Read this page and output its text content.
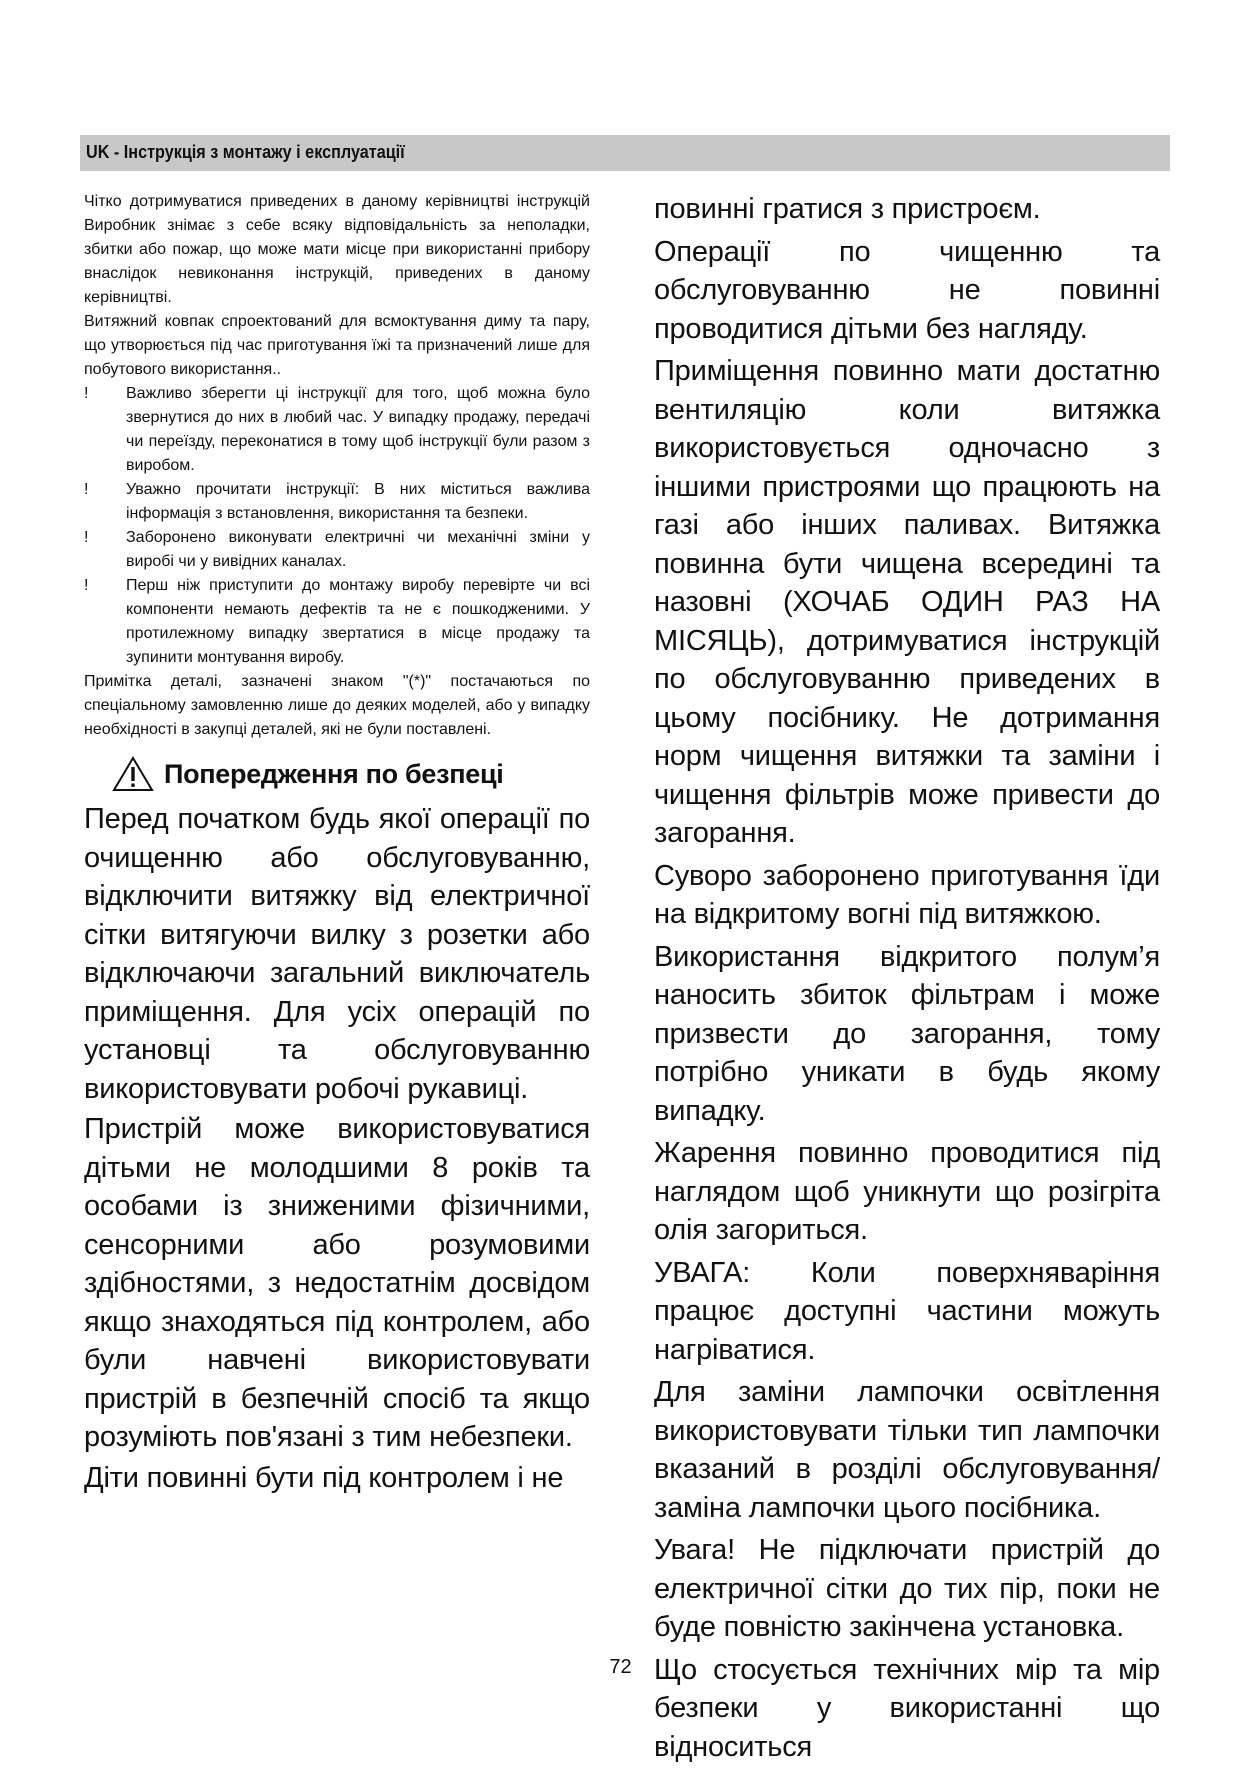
UK - Інструкція з монтажу і експлуатації

Чітко дотримуватися приведених в даному керівництві інструкцій Виробник знімає з себе всяку відповідальність за неполадки, збитки або пожар, що може мати місце при використанні прибору внаслідок невиконання інструкцій, приведених в даному керівництві.

Витяжний ковпак спроектований для всмоктування диму та пару, що утворюється під час приготування їжі та призначений лише для побутового використання..

! Важливо зберегти ці інструкції для того, щоб можна було звернутися до них в любий час. У випадку продажу, передачі чи переїзду, переконатися в тому щоб інструкції були разом з виробом.
! Уважно прочитати інструкції: В них міститься важлива інформація з встановлення, використання та безпеки.
! Заборонено виконувати електричні чи механічні зміни у виробі чи у вивідних каналах.
! Перш ніж приступити до монтажу виробу перевірте чи всі компоненти немають дефектів та не є пошкодженими. У протилежному випадку звертатися в місце продажу та зупинити монтування виробу.

Примітка деталі, зазначені знаком "(*)" постачаються по спеціальному замовленню лише до деяких моделей, або у випадку необхідності в закупці деталей, які не були поставлені.

Попередження по безпеці

Перед початком будь якої операції по очищенню або обслуговуванню, відключити витяжку від електричної сітки витягуючи вилку з розетки або відключаючи загальний виключатель приміщення. Для усіх операцій по установці та обслуговуванню використовувати робочі рукавиці.

Пристрій може використовуватися дітьми не молодшими 8 років та особами із зниженими фізичними, сенсорними або розумовими здібностями, з недостатнім досвідом якщо знаходяться під контролем, або були навчені використовувати пристрій в безпечній спосіб та якщо розуміють пов'язані з тим небезпеки.

Діти повинні бути під контролем і не

повинні гратися з пристроєм.

Операції по чищенню та обслуговуванню не повинні проводитися дітьми без нагляду.

Приміщення повинно мати достатню вентиляцію коли витяжка використовується одночасно з іншими пристроями що працюють на газі або інших паливах. Витяжка повинна бути чищена всередині та назовні (ХОЧАБ ОДИН РАЗ НА МІСЯЦЬ), дотримуватися інструкцій по обслуговуванню приведених в цьому посібнику. Не дотримання норм чищення витяжки та заміни і чищення фільтрів може привести до загорання.

Суворо заборонено приготування їди на відкритому вогні під витяжкою.

Використання відкритого полум’я наносить збиток фільтрам і може призвести до загорання, тому потрібно уникати в будь якому випадку.

Жарення повинно проводитися під наглядом щоб уникнути що розігріта олія загориться.

УВАГА: Коли поверхняваріння працює доступні частини можуть нагріватися.

Для заміни лампочки освітлення використовувати тільки тип лампочки вказаний в розділі обслуговування/заміна лампочки цього посібника.

Увага! Не підключати пристрій до електричної сітки до тих пір, поки не буде повністю закінчена установка.

Що стосується технічних мір та мір безпеки у використанні що відноситься

72
